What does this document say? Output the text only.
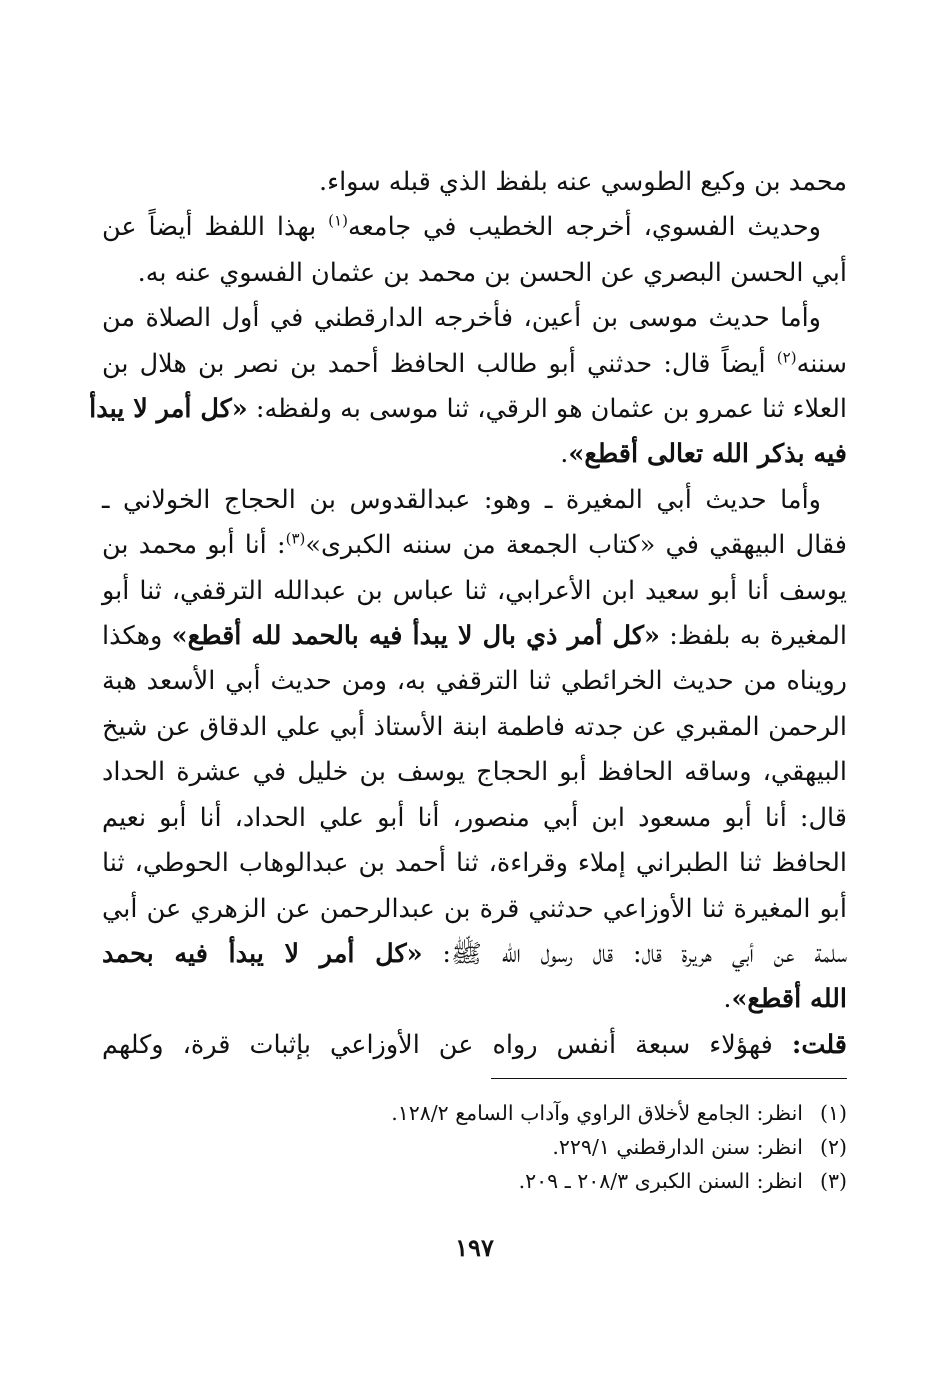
محمد بن وكيع الطوسي عنه بلفظ الذي قبله سواء.

وحديث الفسوي، أخرجه الخطيب في جامعه$^{(١)}$ بهذا اللفظ أيضاً عن
أبي الحسن البصري عن الحسن بن محمد بن عثمان الفسوي عنه به.

وأما حديث موسى بن أعين، فأخرجه الدارقطني في أول الصلاة من
سننه$^{(٢)}$ أيضاً قال: حدثني أبو طالب الحافظ أحمد بن نصر بن هلال بن
العلاء ثنا عمرو بن عثمان هو الرقي، ثنا موسى به ولفظه: «كل أمر لا يبدأ
فيه بذكر الله تعالى أقطع».

وأما حديث أبي المغيرة ـ وهو: عبدالقدوس بن الحجاج الخولاني ـ
فقال البيهقي في «كتاب الجمعة من سننه الكبرى»$^{(٣)}$: أنا أبو محمد بن
يوسف أنا أبو سعيد ابن الأعرابي، ثنا عباس بن عبدالله الترقفي، ثنا أبو
المغيرة به بلفظ: «كل أمر ذي بال لا يبدأ فيه بالحمد لله أقطع» وهكذا
رويناه من حديث الخرائطي ثنا الترقفي به، ومن حديث أبي الأسعد هبة
الرحمن المقبري عن جدته فاطمة ابنة الأستاذ أبي علي الدقاق عن شيخ
البيهقي، وساقه الحافظ أبو الحجاج يوسف بن خليل في عشرة الحداد
قال: أنا أبو مسعود ابن أبي منصور، أنا أبو علي الحداد، أنا أبو نعيم
الحافظ ثنا الطبراني إملاء وقراءة، ثنا أحمد بن عبدالوهاب الحوطي، ثنا
أبو المغيرة ثنا الأوزاعي حدثني قرة بن عبدالرحمن عن الزهري عن أبي
سلمة عن أبي هريرة قال: قال رسول الله ﷺ: «كل أمر لا يبدأ فيه بحمد
الله أقطع».

قلت: فهؤلاء سبعة أنفس رواه عن الأوزاعي بإثبات قرة، وكلهم

(١)انظر: الجامع لأخلاق الراوي وآداب السامع ١٢٨/٢.
(٢)انظر: سنن الدارقطني ٢٢٩/١.
(٣)انظر: السنن الكبرى ٢٠٨/٣ ـ ٢٠٩.
١٩٧
